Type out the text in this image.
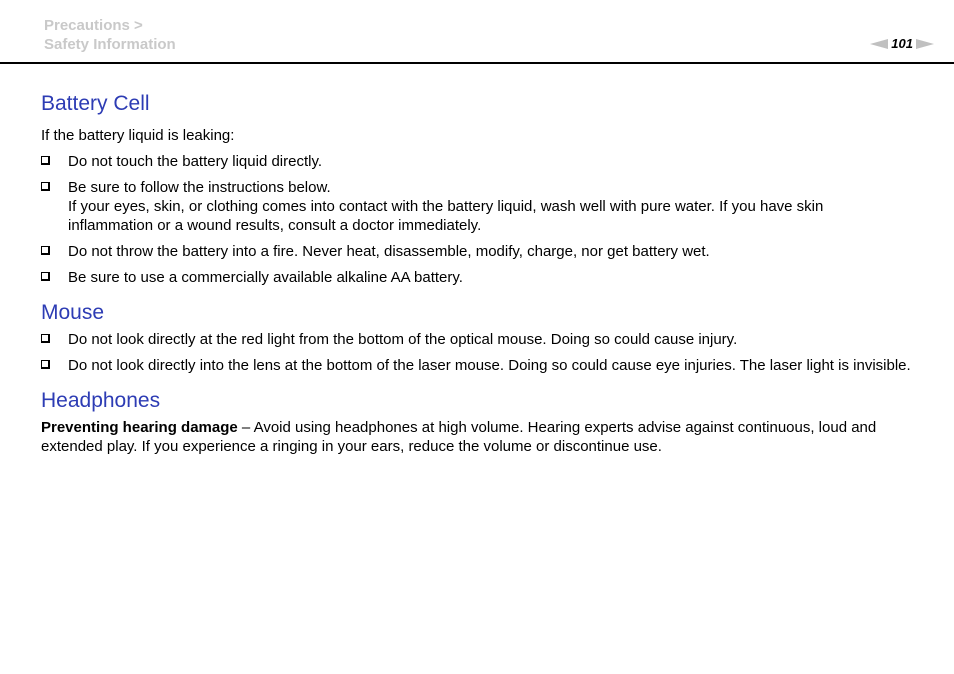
Precautions >
Safety Information	101
Battery Cell

If the battery liquid is leaking:

Do not touch the battery liquid directly.
Be sure to follow the instructions below.
If your eyes, skin, or clothing comes into contact with the battery liquid, wash well with pure water. If you have skin inflammation or a wound results, consult a doctor immediately.
Do not throw the battery into a fire. Never heat, disassemble, modify, charge, nor get battery wet.
Be sure to use a commercially available alkaline AA battery.
Mouse
Do not look directly at the red light from the bottom of the optical mouse. Doing so could cause injury.
Do not look directly into the lens at the bottom of the laser mouse. Doing so could cause eye injuries. The laser light is invisible.
Headphones

Preventing hearing damage – Avoid using headphones at high volume. Hearing experts advise against continuous, loud and extended play. If you experience a ringing in your ears, reduce the volume or discontinue use.
